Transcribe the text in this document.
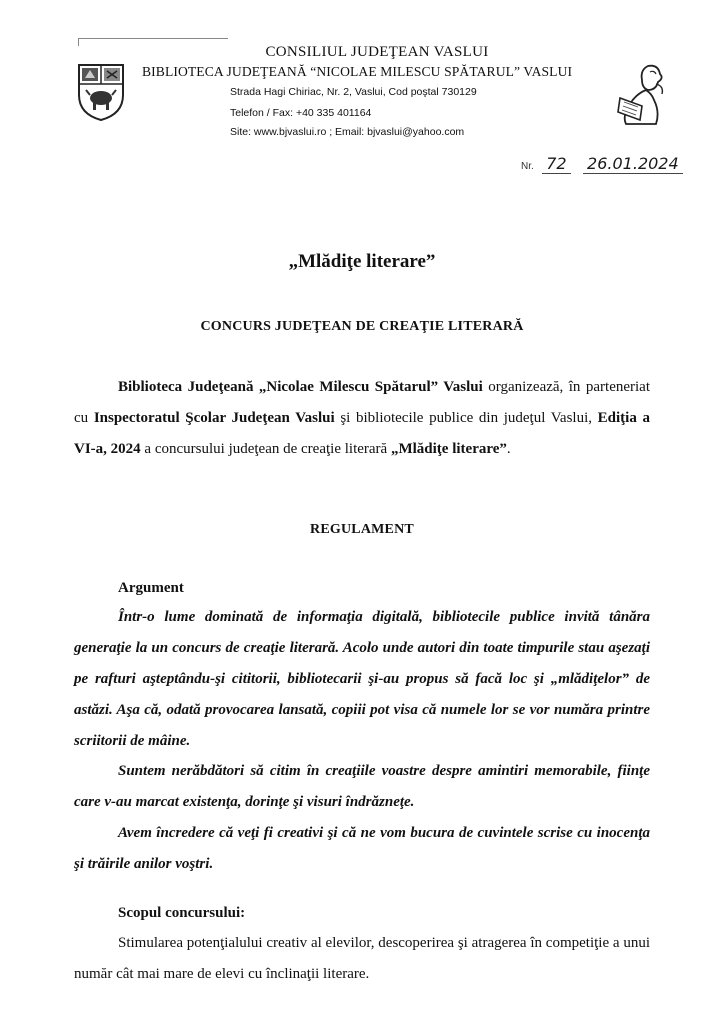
CONSILIUL JUDEŢEAN VASLUI
BIBLIOTECA JUDEŢEANĂ “NICOLAE MILESCU SPĂTARUL” VASLUI
Strada Hagi Chiriac, Nr. 2, Vaslui, Cod poştal 730129
Telefon / Fax: +40 335 401164
Site: www.bjvaslui.ro ; Email: bjvaslui@yahoo.com
Nr. 72 26.01.2024
„Mlădiţe literare”
CONCURS JUDEŢEAN DE CREAŢIE LITERARĂ
Biblioteca Judeţeană „Nicolae Milescu Spătarul” Vaslui organizează, în parteneriat cu Inspectoratul Şcolar Judeţean Vaslui şi bibliotecile publice din judeţul Vaslui, Ediţia a VI-a, 2024 a concursului judeţean de creaţie literară „Mlădiţe literare”.
REGULAMENT
Argument
Într-o lume dominată de informaţia digitală, bibliotecile publice invită tânăra generaţie la un concurs de creaţie literară. Acolo unde autori din toate timpurile stau aşezaţi pe rafturi aşteptându-şi cititorii, bibliotecarii şi-au propus să facă loc şi „mlădiţelor” de astăzi. Aşa că, odată provocarea lansată, copiii pot visa că numele lor se vor număra printre scriitorii de mâine.
Suntem nerăbdători să citim în creaţiile voastre despre amintiri memorabile, fiinţe care v-au marcat existenţa, dorinţe şi visuri îndrăzneţe.
Avem încredere că veţi fi creativi şi că ne vom bucura de cuvintele scrise cu inocenţa şi trăirile anilor voştri.
Scopul concursului:
Stimularea potenţialului creativ al elevilor, descoperirea şi atragerea în competiţie a unui număr cât mai mare de elevi cu înclinaţii literare.
